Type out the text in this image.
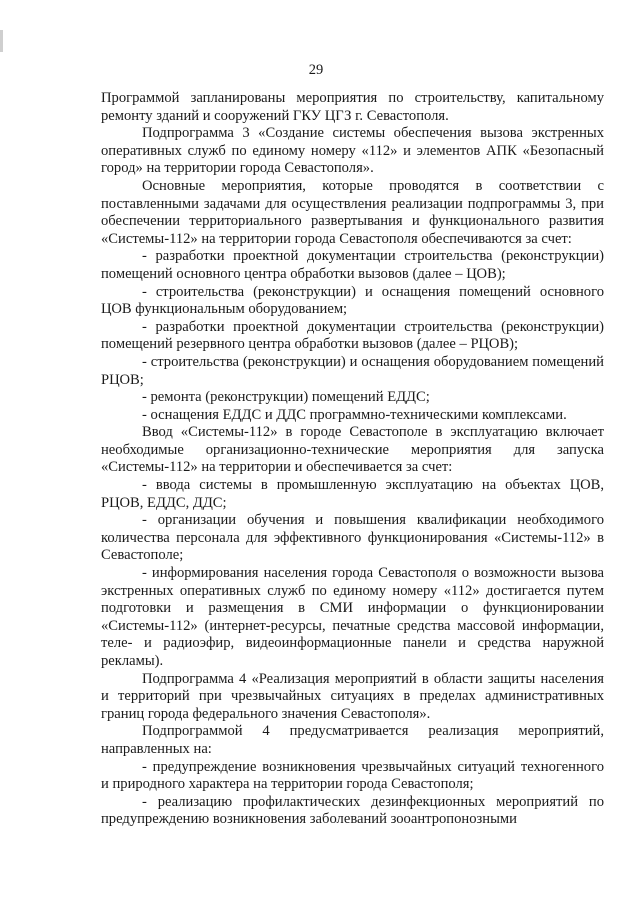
29

Программой запланированы мероприятия по строительству, капитальному ремонту зданий и сооружений ГКУ ЦГЗ г. Севастополя.

Подпрограмма 3 «Создание системы обеспечения вызова экстренных оперативных служб по единому номеру «112» и элементов АПК «Безопасный город» на территории города Севастополя».

Основные мероприятия, которые проводятся в соответствии с поставленными задачами для осуществления реализации подпрограммы 3, при обеспечении территориального развертывания и функционального развития «Системы-112» на территории города Севастополя обеспечиваются за счет:

- разработки проектной документации строительства (реконструкции) помещений основного центра обработки вызовов (далее – ЦОВ);

- строительства (реконструкции) и оснащения помещений основного ЦОВ функциональным оборудованием;

- разработки проектной документации строительства (реконструкции) помещений резервного центра обработки вызовов (далее – РЦОВ);

- строительства (реконструкции) и оснащения оборудованием помещений РЦОВ;

- ремонта (реконструкции) помещений ЕДДС;

- оснащения ЕДДС и ДДС программно-техническими комплексами.

Ввод «Системы-112» в городе Севастополе в эксплуатацию включает необходимые организационно-технические мероприятия для запуска «Системы-112» на территории и обеспечивается за счет:

- ввода системы в промышленную эксплуатацию на объектах ЦОВ, РЦОВ, ЕДДС, ДДС;

- организации обучения и повышения квалификации необходимого количества персонала для эффективного функционирования «Системы-112» в Севастополе;

- информирования населения города Севастополя о возможности вызова экстренных оперативных служб по единому номеру «112» достигается путем подготовки и размещения в СМИ информации о функционировании «Системы-112» (интернет-ресурсы, печатные средства массовой информации, теле- и радиоэфир, видеоинформационные панели и средства наружной рекламы).

Подпрограмма 4 «Реализация мероприятий в области защиты населения и территорий при чрезвычайных ситуациях в пределах административных границ города федерального значения Севастополя».

Подпрограммой 4 предусматривается реализация мероприятий, направленных на:

- предупреждение возникновения чрезвычайных ситуаций техногенного и природного характера на территории города Севастополя;

- реализацию профилактических дезинфекционных мероприятий по предупреждению возникновения заболеваний зооантропонозными
